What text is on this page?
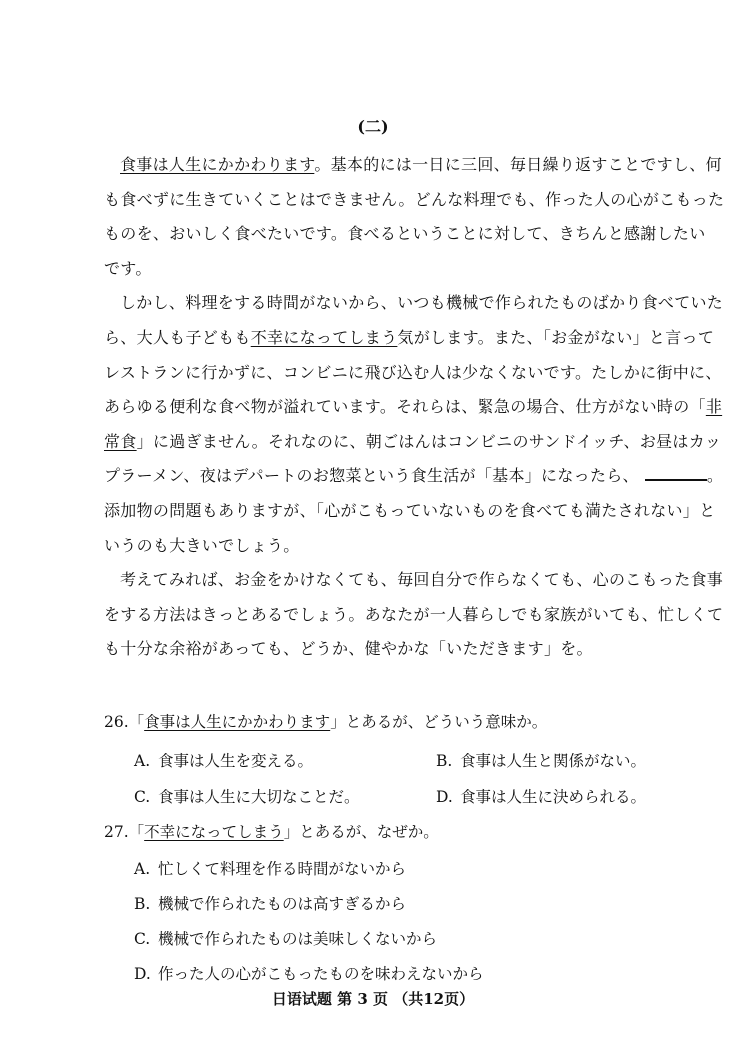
(二)

食事は人生にかかわります。基本的には一日に三回、毎日繰り返すことですし、何
も食べずに生きていくことはできません。どんな料理でも、作った人の心がこもった
ものを、おいしく食べたいです。食べるということに対して、きちんと感謝したい
です。

しかし、料理をする時間がないから、いつも機械で作られたものばかり食べていた
ら、大人も子どもも不幸になってしまう気がします。また、「お金がない」と言って
レストランに行かずに、コンビニに飛び込む人は少なくないです。たしかに街中に、
あらゆる便利な食べ物が溢れています。それらは、緊急の場合、仕方がない時の「非
常食」に過ぎません。それなのに、朝ごはんはコンビニのサンドイッチ、お昼はカッ
プラーメン、夜はデパートのお惣菜という食生活が「基本」になったら、	。
添加物の問題もありますが、「心がこもっていないものを食べても満たされない」と
いうのも大きいでしょう。

考えてみれば、お金をかけなくても、毎回自分で作らなくても、心のこもった食事
をする方法はきっとあるでしょう。あなたが一人暮らしでも家族がいても、忙しくて
も十分な余裕があっても、どうか、健やかな「いただきます」を。

26.「食事は人生にかかわります」とあるが、どういう意味か。
A. 食事は人生を変える。	B. 食事は人生と関係がない。
C. 食事は人生に大切なことだ。	D. 食事は人生に決められる。
27.「不幸になってしまう」とあるが、なぜか。
A. 忙しくて料理を作る時間がないから
B. 機械で作られたものは高すぎるから
C. 機械で作られたものは美味しくないから
D. 作った人の心がこもったものを味わえないから
日语试题 第 3 页 （共12页）
